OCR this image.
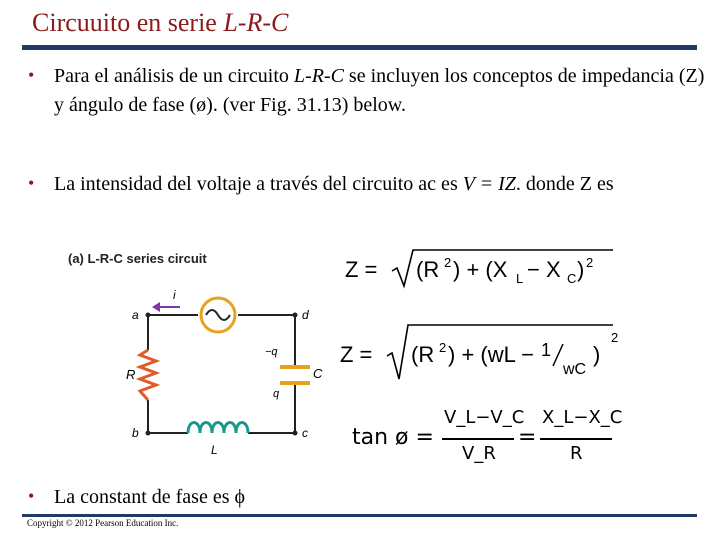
Circuuito en serie L-R-C
• Para el análisis de un circuito L-R-C se incluyen los conceptos de impedancia (Z) y ángulo de fase (ø). (ver Fig. 31.13) below.
• La intensidad del voltaje a través del circuito ac es V = IZ. donde Z es
(a) L-R-C series circuit
i
R
L
−q
q
C
a
b	c
d
Z = (R 2 ) + (X L − X C ) 2
Z = (R 2 ) + (wL − 1
wC
)
2
tan ø =
V_L−V_C
V_R
=
X_L−X_C
R
• La constant de fase es ϕ
Copyright © 2012 Pearson Education Inc.
